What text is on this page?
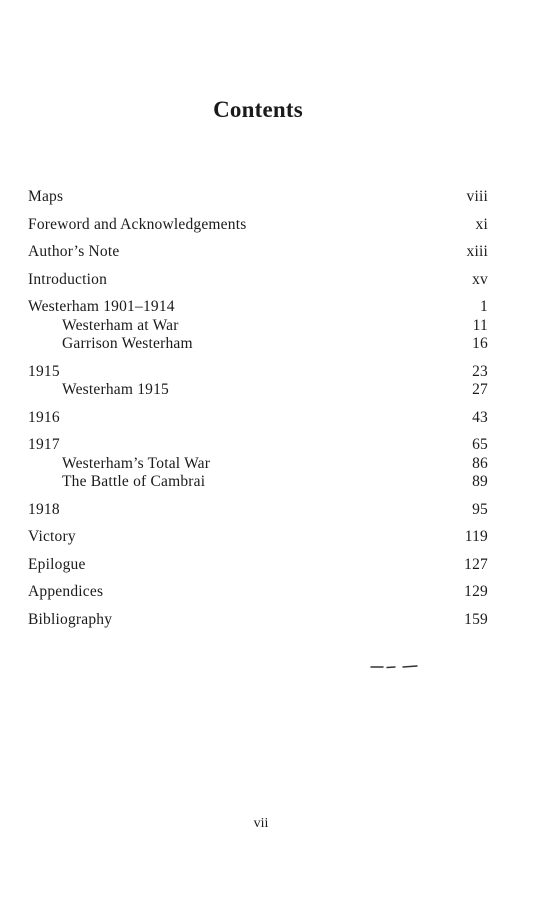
Contents
Maps	viii
Foreword and Acknowledgements	xi
Author’s Note	xiii
Introduction	xv
Westerham 1901–1914	1
Westerham at War	11
Garrison Westerham	16
1915	23
Westerham 1915	27
1916	43
1917	65
Westerham’s Total War	86
The Battle of Cambrai	89
1918	95
Victory	119
Epilogue	127
Appendices	129
Bibliography	159
vii
